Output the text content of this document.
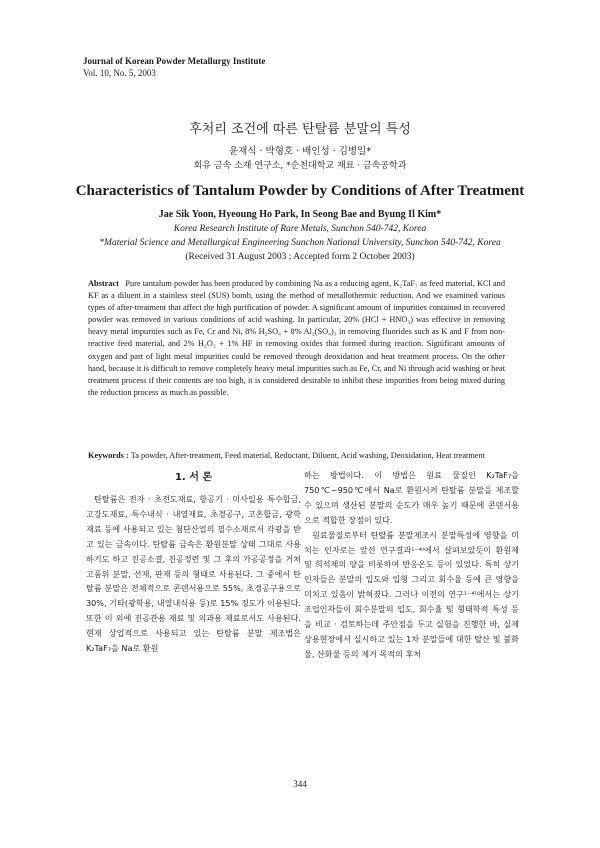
Journal of Korean Powder Metallurgy Institute
Vol. 10, No. 5, 2003
후처리 조건에 따른 탄탈륨 분말의 특성
윤재식 · 박형호 · 배인성 · 김병일*
회유 금속 소재 연구소, *순천대학교 재료 · 금속공학과
Characteristics of Tantalum Powder by Conditions of After Treatment
Jae Sik Yoon, Hyeoung Ho Park, In Seong Bae and Byung Il Kim*
Korea Research Institute of Rare Metals, Sunchon 540-742, Korea
*Material Science and Metallurgical Engineering Sunchon National University, Sunchon 540-742, Korea
(Received 31 August 2003 ; Accepted form 2 October 2003)
Abstract Pure tantalum powder has been produced by combining Na as a reducing agent, K₂TaF₇ as feed material, KCl and KF as a diluent in a stainless steel (SUS) bomb, using the method of metallothermic reduction. And we examined various types of after-treatment that affect the high purification of powder. A significant amount of impurities contained in recovered powder was removed in various conditions of acid washing. In particular, 20% (HCl + HNO₃) was effective in removing heavy metal impurities such as Fe, Cr and Ni, 8% H₂SO₄ + 8% Al₂(SO₄)₃ in removing fluorides such as K and F from non-reactive feed material, and 2% H₂O₂ + 1% HF in removing oxides that formed during reaction. Significant amounts of oxygen and part of light metal impurities could be removed through deoxidation and heat treatment process. On the other hand, because it is difficult to remove completely heavy metal impurities such as Fe, Cr, and Ni through acid washing or heat treatment process if their contents are too high, it is considered desirable to inhibit these impurities from being mixed during the reduction process as much as possible.
Keywords : Ta powder, After-treatment, Feed material, Reductant, Diluent, Acid washing, Deoxidation, Heat treatment
1. 서 론

탄탈륨은 전자 · 초전도재료, 항공기 · 미사일용 특수합금, 고강도재료, 특수내식 · 내열재료, 초경공구, 고온합금, 광학재료 등에 사용되고 있는 첨단산업의 필수소재로서 각광을 받고 있는 금속이다. 탄탈륨 금속은 환원분말 상태 그대로 사용하기도 하고 진공소결, 진공정련 및 그 후의 가공공정을 거쳐 고품위 분말, 선재, 판재 등의 형태로 사용된다. 그 중에서 탄탈륨 분말은 전체적으로 콘덴서용으로 55%, 초경공구용으로 30%, 기타(광학용, 내열내식용 등)로 15% 정도가 이용된다. 또한 이 외에 진공관용 재료 및 의과용 재료로서도 사용된다. 현재 상업적으로 사용되고 있는 탄탈륨 분말 제조법은 K₂TaF₇을 Na로 환원

하는 방법이다. 이 방법은 원료 물질인 K₂TaF₇을 750℃~950℃에서 Na로 환원시켜 탄탈륨 분말을 제조할 수 있으며 생산된 분말의 순도가 매우 높기 때문에 콘덴서용으로 적합한 장점이 있다.

원료물질로부터 탄탈륨 분말제조시 분말특성에 영향을 미치는 인자로는 앞선 연구결과¹⁻⁴⁾에서 살펴보았듯이 환원제 및 희석제의 양을 비롯하여 반응온도 등이 있었다. 특히 상기 인자들은 분말의 입도와 입형 그리고 회수율 등에 큰 영향을 미치고 있음이 밝혀졌다. 그러나 이전의 연구¹⁻⁴⁾에서는 상기 조업인자들이 회수분말의 입도, 회수율 및 형태학적 특성 등을 비교 · 검토하는데 주안점을 두고 실험을 진행한 바, 실제 상용현장에서 실시하고 있는 1차 분말들에 대한 탈산 및 불화물, 산화물 등의 제거 목적의 후처

344
